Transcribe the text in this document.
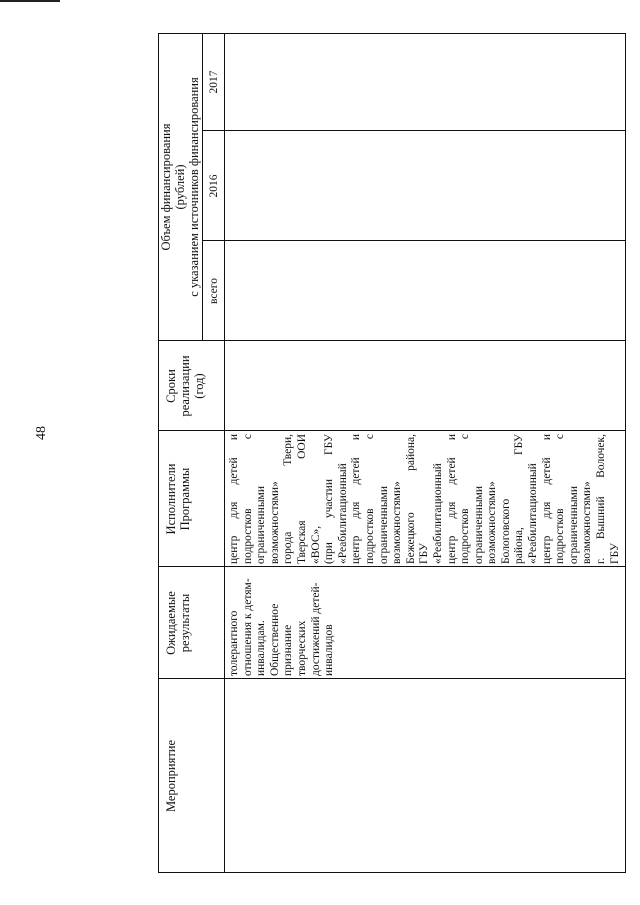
48
Мероприятие
Ожидаемые результаты
Исполнители Программы
Сроки реализации (год)
Объем финансирования (рублей) с указанием источников финансирования всего
2016
2017
толерантного отношения к детям- инвалидам. Общественное признание творческих достижений детей- инвалидов
центр для детей и подростков с ограниченными возможностями» города Твери, Тверская ООИ «ВОС», (при участии ГБУ «Реабилитационный центр для детей и подростков с ограниченными возможностями» Бежецкого района, ГБУ «Реабилитационный центр для детей и подростков с ограниченными возможностями» Бологовского района, ГБУ «Реабилитационный центр для детей и подростков с ограниченными возможностями» г. Вышний Волочек, ГБУ
